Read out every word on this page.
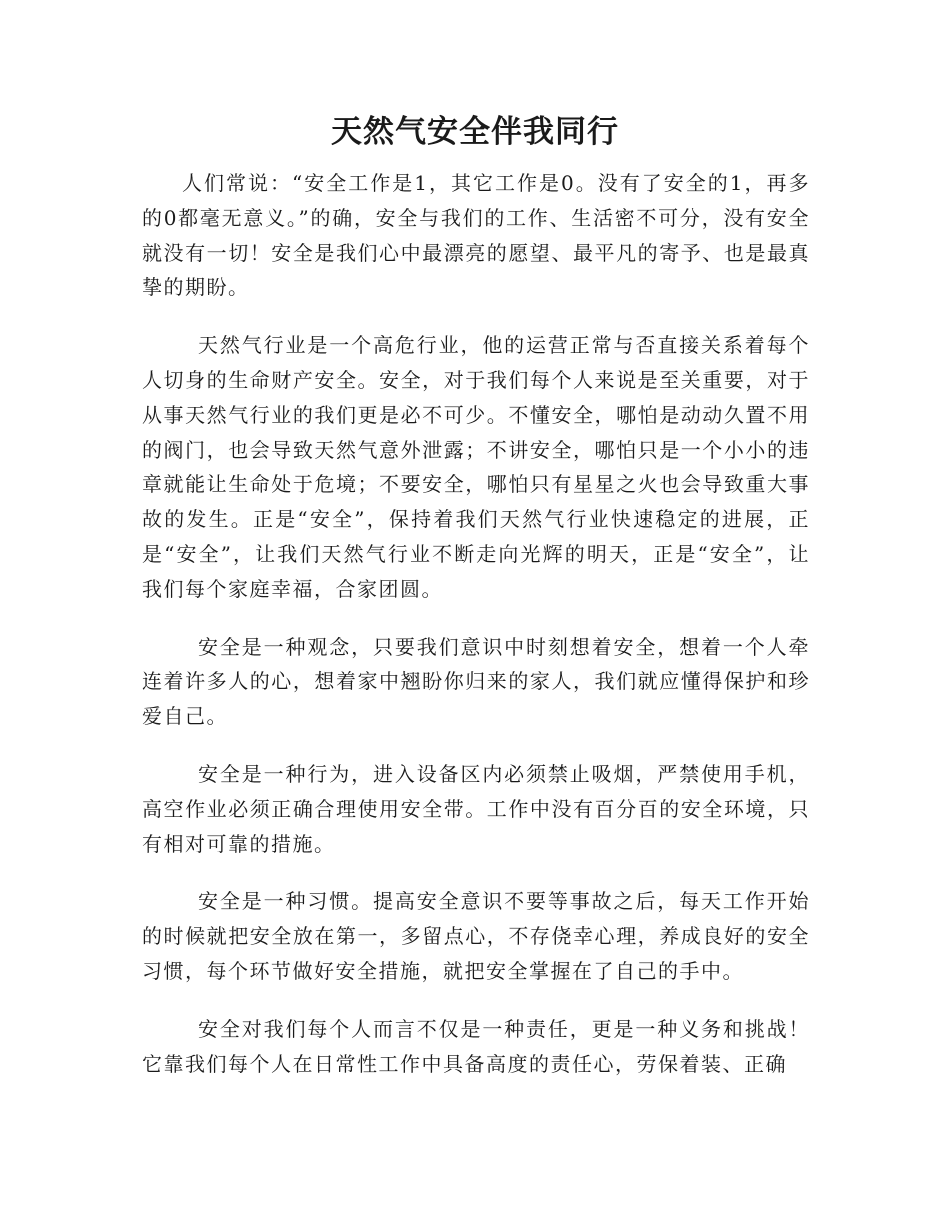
天然气安全伴我同行

人们常说：“安全工作是1，其它工作是0。没有了安全的1，再多的0都毫无意义。”的确，安全与我们的工作、生活密不可分，没有安全就没有一切！安全是我们心中最漂亮的愿望、最平凡的寄予、也是最真挚的期盼。

天然气行业是一个高危行业，他的运营正常与否直接关系着每个人切身的生命财产安全。安全，对于我们每个人来说是至关重要，对于从事天然气行业的我们更是必不可少。不懂安全，哪怕是动动久置不用的阀门，也会导致天然气意外泄露；不讲安全，哪怕只是一个小小的违章就能让生命处于危境；不要安全，哪怕只有星星之火也会导致重大事故的发生。正是“安全”，保持着我们天然气行业快速稳定的进展，正是“安全”，让我们天然气行业不断走向光辉的明天，正是“安全”，让我们每个家庭幸福，合家团圆。

安全是一种观念，只要我们意识中时刻想着安全，想着一个人牵连着许多人的心，想着家中翘盼你归来的家人，我们就应懂得保护和珍爱自己。

安全是一种行为，进入设备区内必须禁止吸烟，严禁使用手机，高空作业必须正确合理使用安全带。工作中没有百分百的安全环境，只有相对可靠的措施。

安全是一种习惯。提高安全意识不要等事故之后，每天工作开始的时候就把安全放在第一，多留点心，不存侥幸心理，养成良好的安全习惯，每个环节做好安全措施，就把安全掌握在了自己的手中。

安全对我们每个人而言不仅是一种责任，更是一种义务和挑战！它靠我们每个人在日常性工作中具备高度的责任心，劳保着装、正确
